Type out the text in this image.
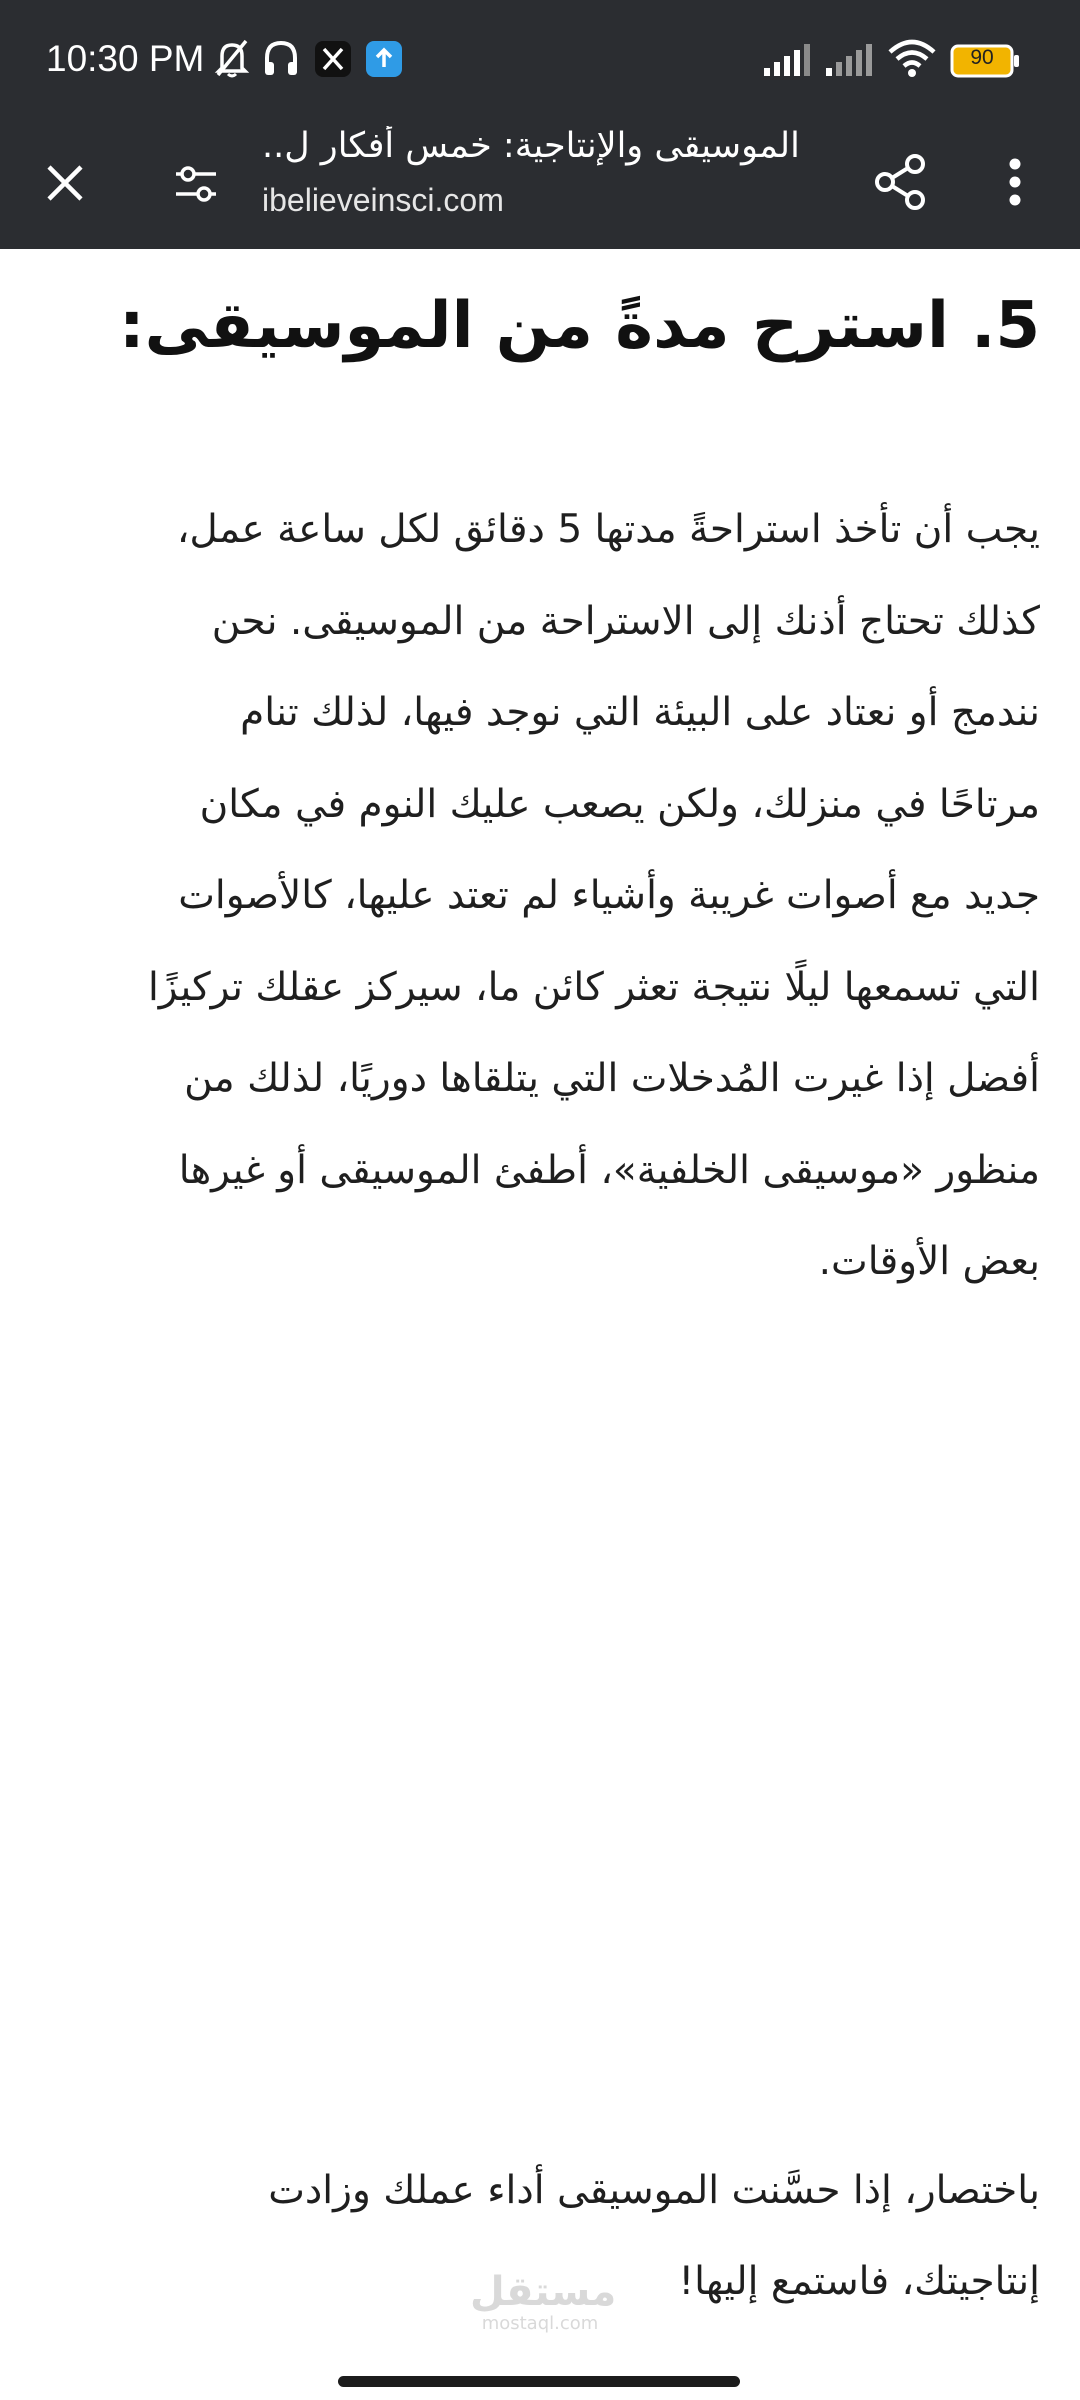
10:30 PM	90
الموسيقى والإنتاجية: خمس أفكار ل..
ibelieveinsci.com
5. استرح مدةً من الموسيقى:
يجب أن تأخذ استراحةً مدتها 5 دقائق لكل ساعة عمل،
كذلك تحتاج أذنك إلى الاستراحة من الموسيقى. نحن
نندمج أو نعتاد على البيئة التي نوجد فيها، لذلك تنام
مرتاحًا في منزلك، ولكن يصعب عليك النوم في مكان
جديد مع أصوات غريبة وأشياء لم تعتد عليها، كالأصوات
التي تسمعها ليلًا نتيجة تعثر كائن ما، سيركز عقلك تركيزًا
أفضل إذا غيرت المُدخلات التي يتلقاها دوريًا، لذلك من
منظور «موسيقى الخلفية»، أطفئ الموسيقى أو غيرها
بعض الأوقات.
باختصار، إذا حسَّنت الموسيقى أداء عملك وزادت
إنتاجيتك، فاستمع إليها!
مستقل
mostaql.com
